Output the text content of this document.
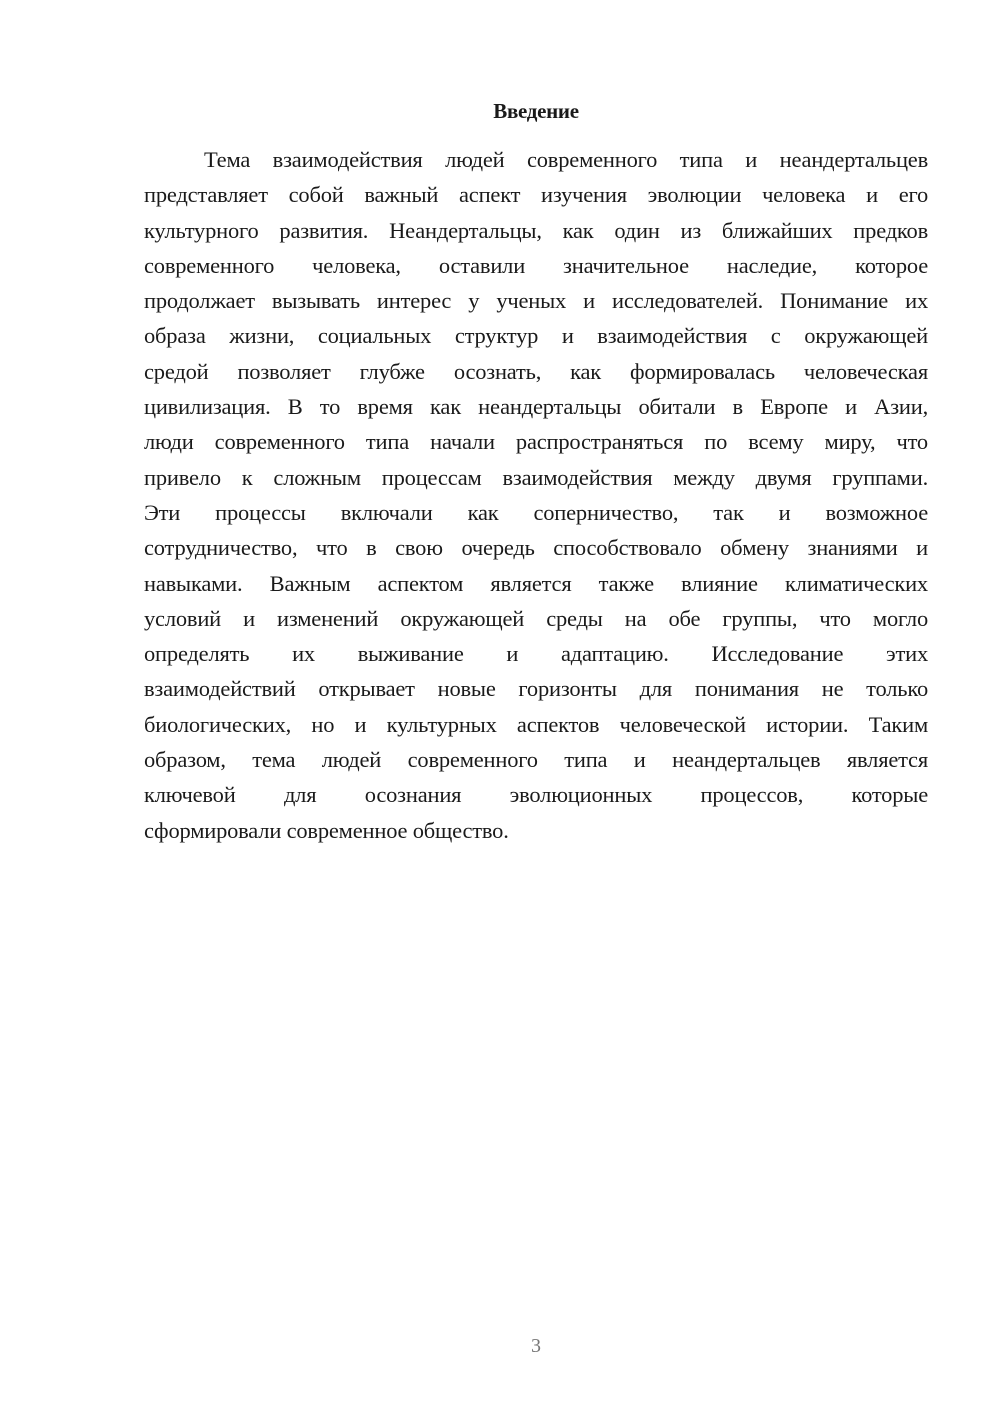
Введение
Тема взаимодействия людей современного типа и неандертальцев
представляет собой важный аспект изучения эволюции человека и его
культурного развития. Неандертальцы, как один из ближайших предков
современного человека, оставили значительное наследие, которое
продолжает вызывать интерес у ученых и исследователей. Понимание их
образа жизни, социальных структур и взаимодействия с окружающей
средой позволяет глубже осознать, как формировалась человеческая
цивилизация. В то время как неандертальцы обитали в Европе и Азии,
люди современного типа начали распространяться по всему миру, что
привело к сложным процессам взаимодействия между двумя группами.
Эти процессы включали как соперничество, так и возможное
сотрудничество, что в свою очередь способствовало обмену знаниями и
навыками. Важным аспектом является также влияние климатических
условий и изменений окружающей среды на обе группы, что могло
определять их выживание и адаптацию. Исследование этих
взаимодействий открывает новые горизонты для понимания не только
биологических, но и культурных аспектов человеческой истории. Таким
образом, тема людей современного типа и неандертальцев является
ключевой для осознания эволюционных процессов, которые
сформировали современное общество.
3
